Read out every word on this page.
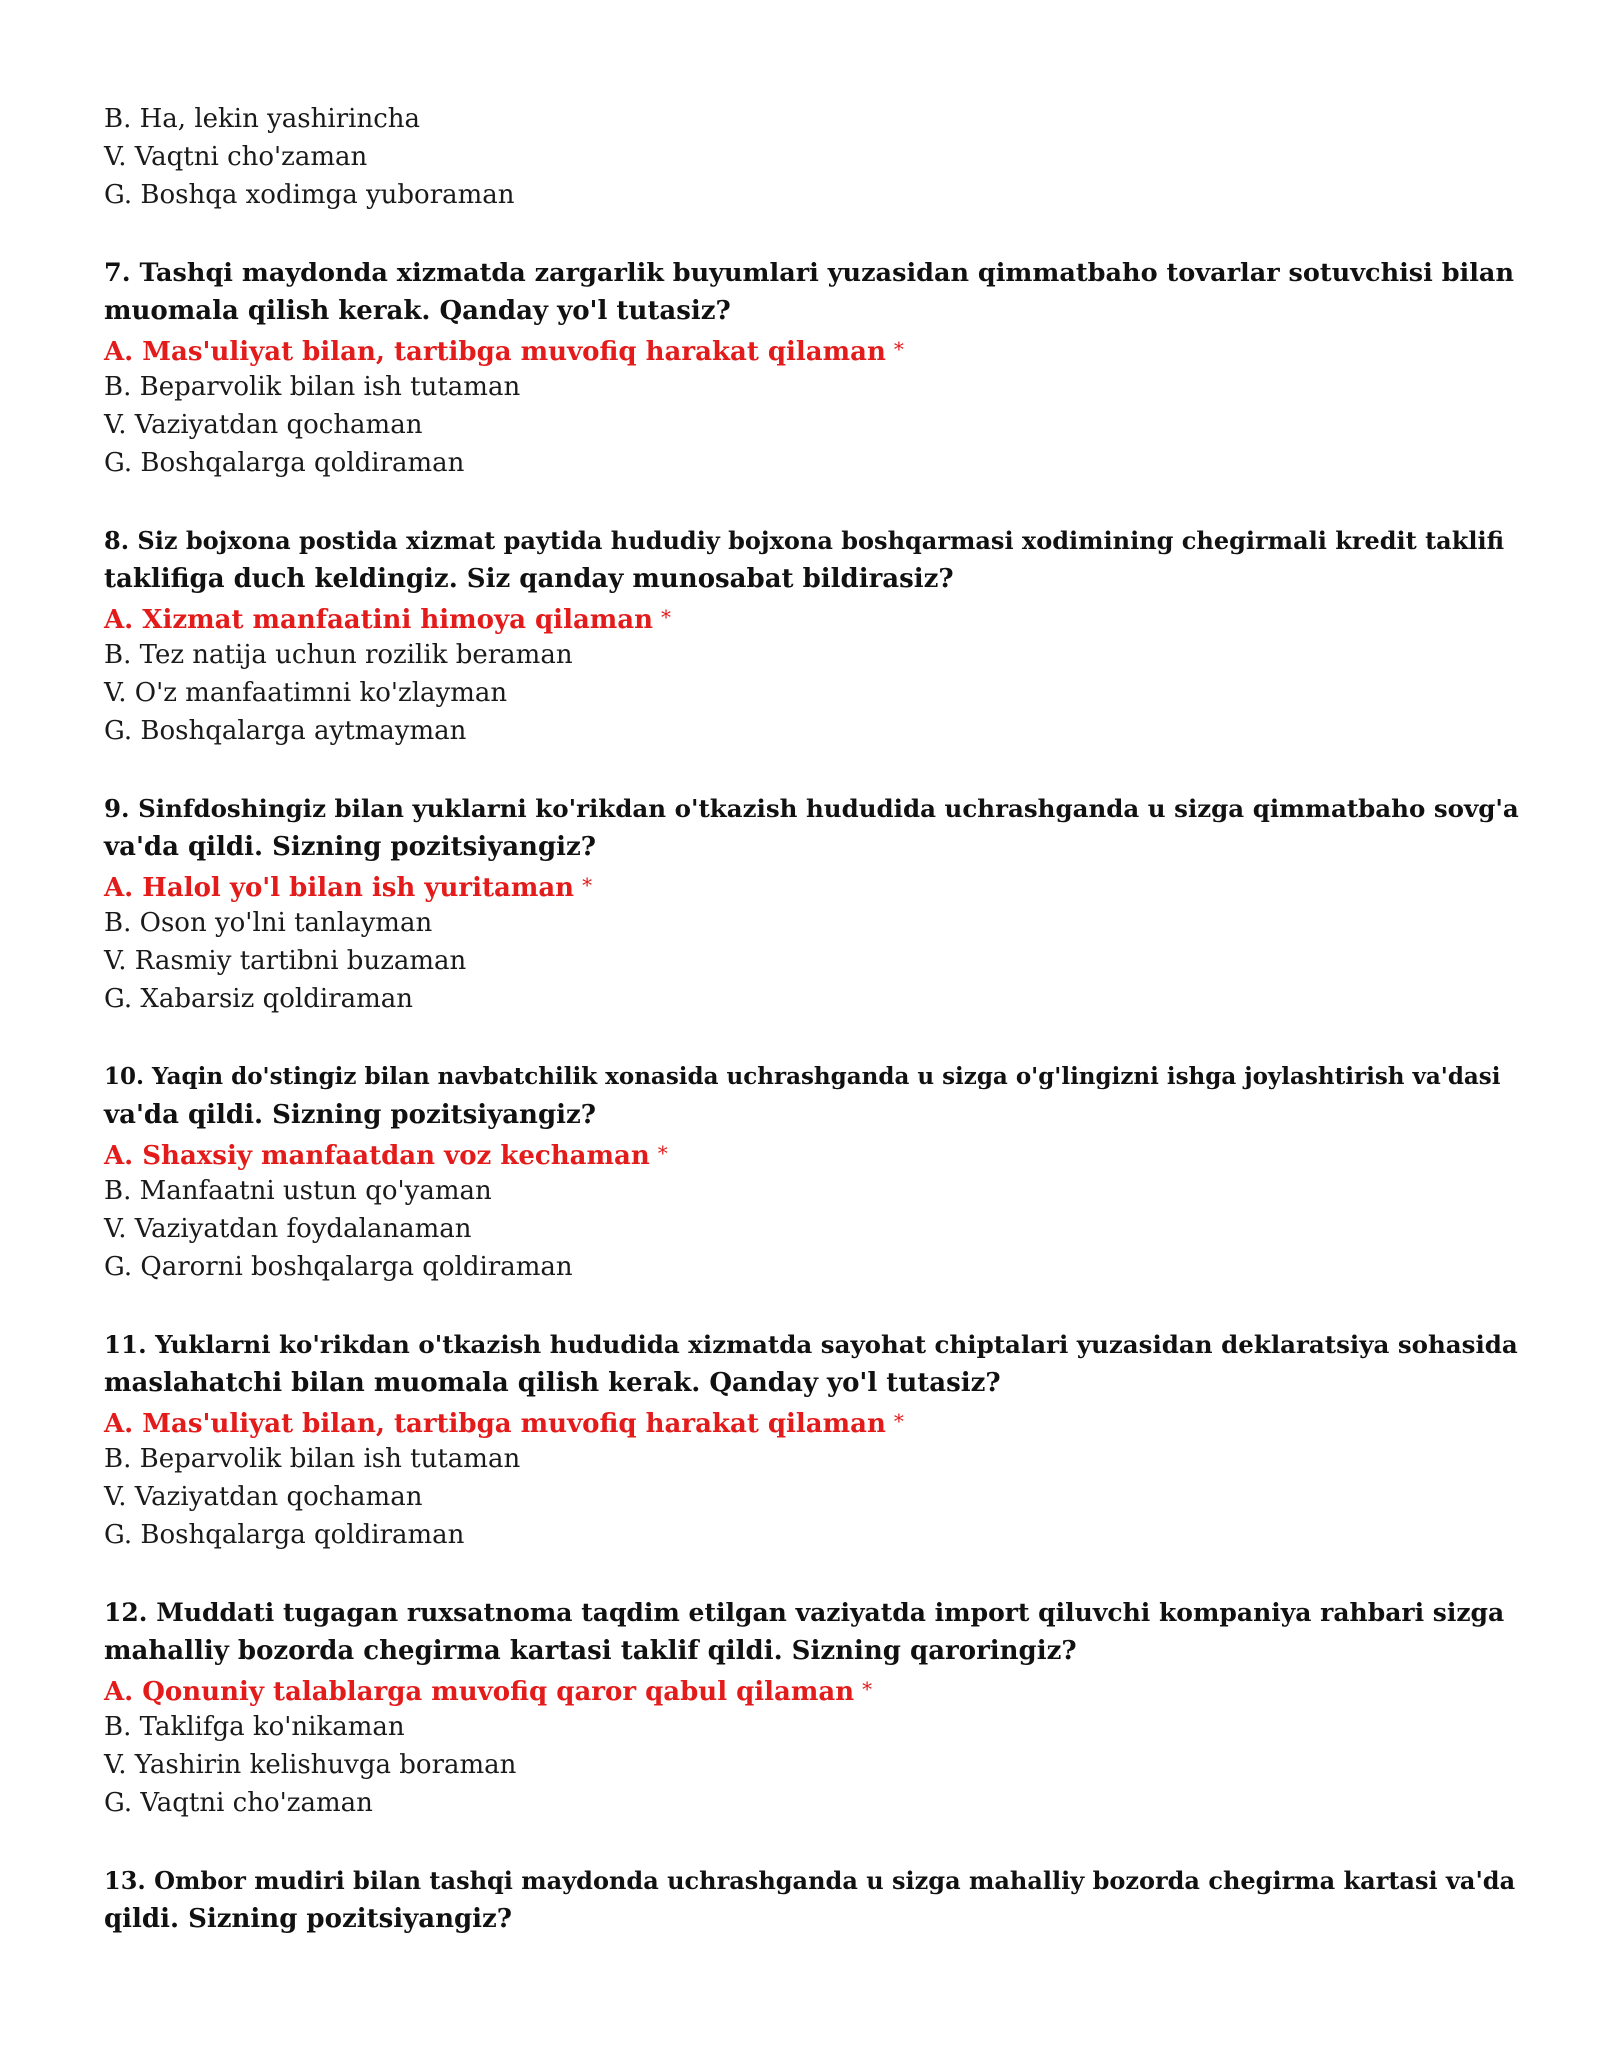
B. Ha, lekin yashirincha
V. Vaqtni cho'zaman
G. Boshqa xodimga yuboraman
7. Tashqi maydonda xizmatda zargarlik buyumlari yuzasidan qimmatbaho tovarlar sotuvchisi bilan
muomala qilish kerak. Qanday yo'l tutasiz?
A. Mas'uliyat bilan, tartibga muvofiq harakat qilaman *
B. Beparvolik bilan ish tutaman
V. Vaziyatdan qochaman
G. Boshqalarga qoldiraman
8. Siz bojxona postida xizmat paytida hududiy bojxona boshqarmasi xodimining chegirmali kredit taklifi
taklifiga duch keldingiz. Siz qanday munosabat bildirasiz?
A. Xizmat manfaatini himoya qilaman *
B. Tez natija uchun rozilik beraman
V. O'z manfaatimni ko'zlayman
G. Boshqalarga aytmayman
9. Sinfdoshingiz bilan yuklarni ko'rikdan o'tkazish hududida uchrashganda u sizga qimmatbaho sovg'a
va'da qildi. Sizning pozitsiyangiz?
A. Halol yo'l bilan ish yuritaman *
B. Oson yo'lni tanlayman
V. Rasmiy tartibni buzaman
G. Xabarsiz qoldiraman
10. Yaqin do'stingiz bilan navbatchilik xonasida uchrashganda u sizga o'g'lingizni ishga joylashtirish va'dasi
va'da qildi. Sizning pozitsiyangiz?
A. Shaxsiy manfaatdan voz kechaman *
B. Manfaatni ustun qo'yaman
V. Vaziyatdan foydalanaman
G. Qarorni boshqalarga qoldiraman
11. Yuklarni ko'rikdan o'tkazish hududida xizmatda sayohat chiptalari yuzasidan deklaratsiya sohasida
maslahatchi bilan muomala qilish kerak. Qanday yo'l tutasiz?
A. Mas'uliyat bilan, tartibga muvofiq harakat qilaman *
B. Beparvolik bilan ish tutaman
V. Vaziyatdan qochaman
G. Boshqalarga qoldiraman
12. Muddati tugagan ruxsatnoma taqdim etilgan vaziyatda import qiluvchi kompaniya rahbari sizga
mahalliy bozorda chegirma kartasi taklif qildi. Sizning qaroringiz?
A. Qonuniy talablarga muvofiq qaror qabul qilaman *
B. Taklifga ko'nikaman
V. Yashirin kelishuvga boraman
G. Vaqtni cho'zaman
13. Ombor mudiri bilan tashqi maydonda uchrashganda u sizga mahalliy bozorda chegirma kartasi va'da
qildi. Sizning pozitsiyangiz?
